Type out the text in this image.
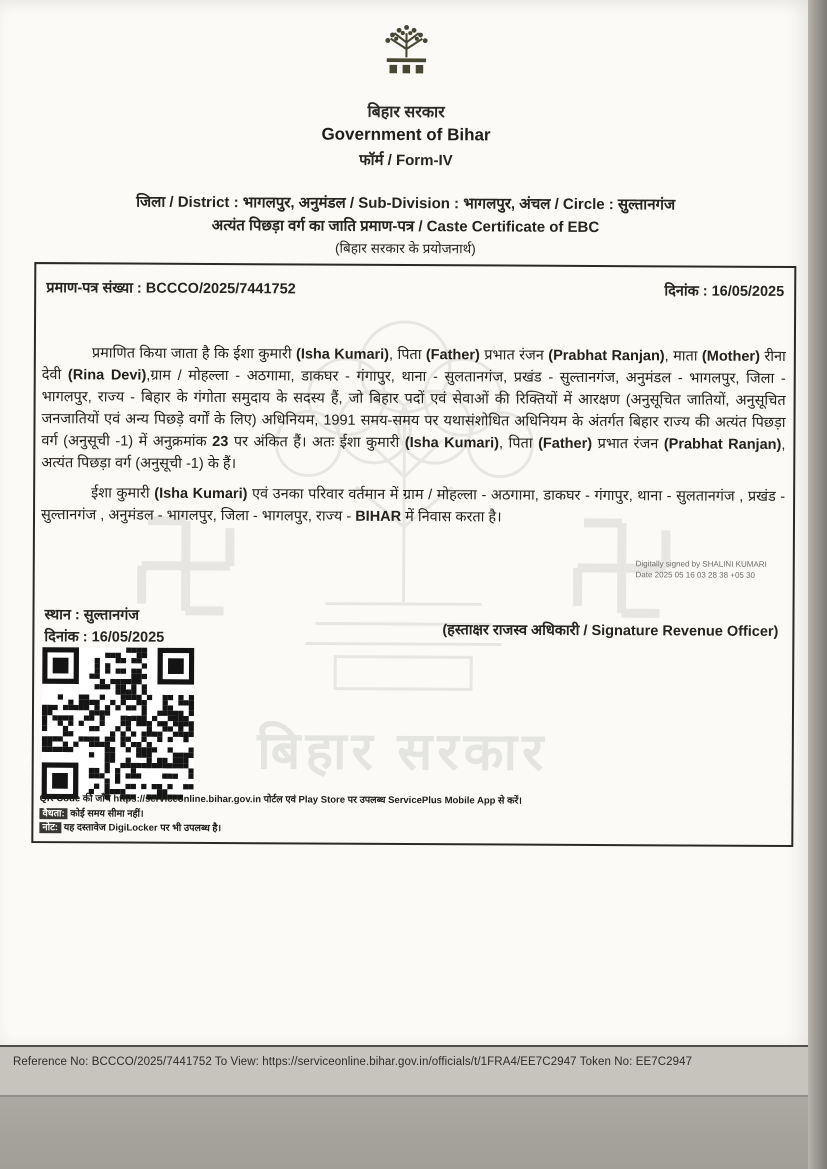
बिहार सरकार
बिहार सरकार
Government of Bihar
फॉर्म / Form-IV
जिला / District : भागलपुर, अनुमंडल / Sub-Division : भागलपुर, अंचल / Circle : सुल्तानगंज
अत्यंत पिछड़ा वर्ग का जाति प्रमाण-पत्र / Caste Certificate of EBC
(बिहार सरकार के प्रयोजनार्थ)
प्रमाण-पत्र संख्या : BCCCO/2025/7441752	दिनांक : 16/05/2025

प्रमाणित किया जाता है कि ईशा कुमारी (Isha Kumari), पिता (Father) प्रभात रंजन (Prabhat Ranjan), माता (Mother) रीना देवी (Rina Devi),ग्राम / मोहल्ला - अठगामा, डाकघर - गंगापुर, थाना - सुलतानगंज, प्रखंड - सुल्तानगंज, अनुमंडल - भागलपुर, जिला - भागलपुर, राज्य - बिहार के गंगोता समुदाय के सदस्य हैं, जो बिहार पदों एवं सेवाओं की रिक्तियों में आरक्षण (अनुसूचित जातियों, अनुसूचित जनजातियों एवं अन्य पिछड़े वर्गों के लिए) अधिनियम, 1991 समय-समय पर यथासंशोधित अधिनियम के अंतर्गत बिहार राज्य की अत्यंत पिछड़ा वर्ग (अनुसूची -1) में अनुक्रमांक 23 पर अंकित हैं। अतः ईशा कुमारी (Isha Kumari), पिता (Father) प्रभात रंजन (Prabhat Ranjan), अत्यंत पिछड़ा वर्ग (अनुसूची -1) के हैं।

ईशा कुमारी (Isha Kumari) एवं उनका परिवार वर्तमान में ग्राम / मोहल्ला - अठगामा, डाकघर - गंगापुर, थाना - सुलतानगंज , प्रखंड - सुल्तानगंज , अनुमंडल - भागलपुर, जिला - भागलपुर, राज्य - BIHAR में निवास करता है।

Digitally signed by SHALINI KUMARI
Date 2025 05 16 03 28 38 +05 30
स्थान : सुल्तानगंज
दिनांक : 16/05/2025	(हस्ताक्षर राजस्व अधिकारी / Signature Revenue Officer)
QR Code की जाँच https://serviceonline.bihar.gov.in पोर्टल एवं Play Store पर उपलब्ध ServicePlus Mobile App से करें।
वैधता: कोई समय सीमा नहीं।
नोट: यह दस्तावेज DigiLocker पर भी उपलब्ध है।
Reference No: BCCCO/2025/7441752 To View: https://serviceonline.bihar.gov.in/officials/t/1FRA4/EE7C2947 Token No: EE7C2947
